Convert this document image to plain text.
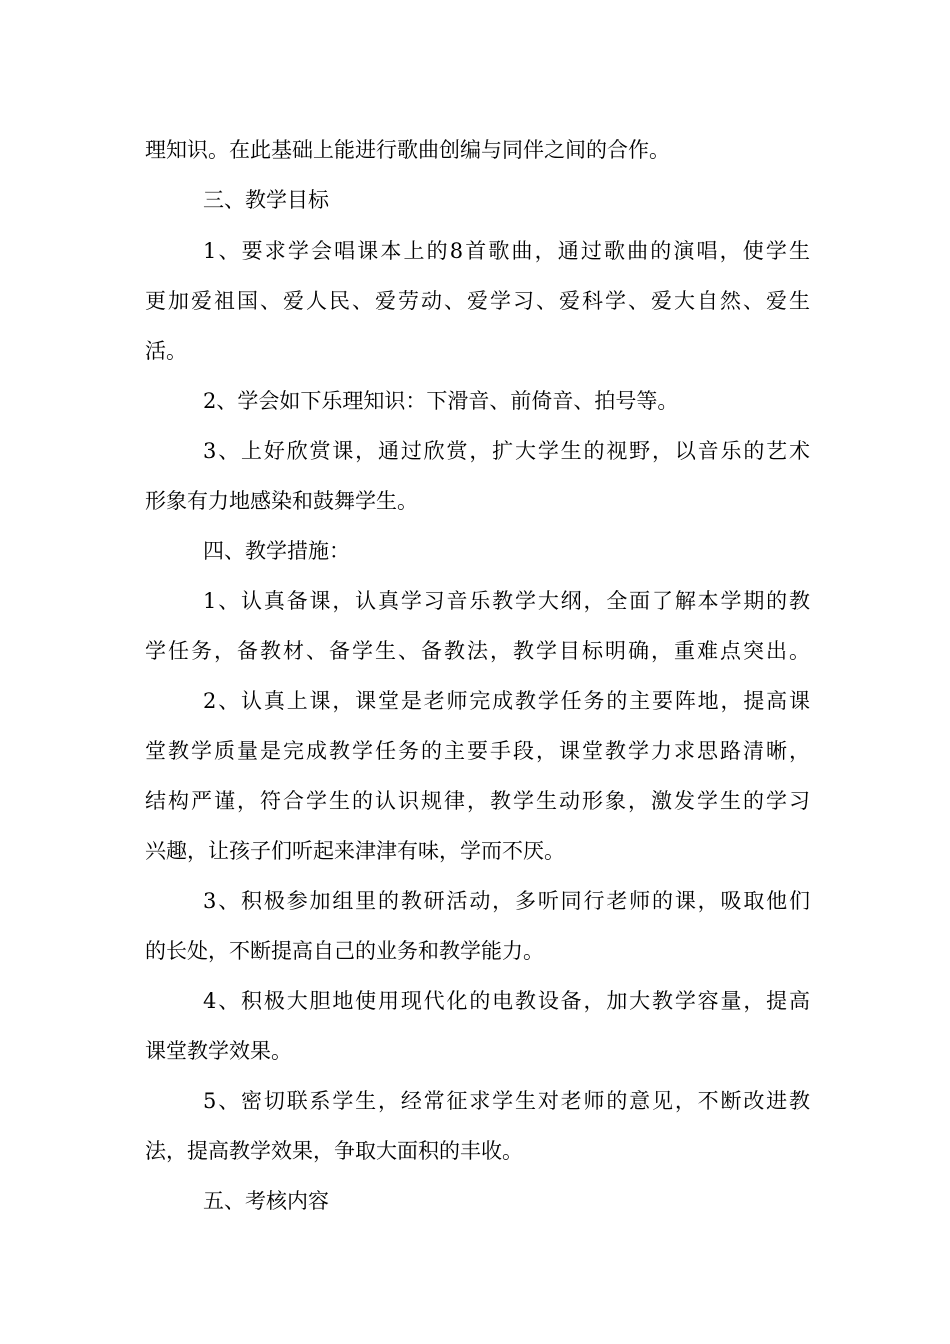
理知识。在此基础上能进行歌曲创编与同伴之间的合作。
三、教学目标
1、要求学会唱课本上的8首歌曲，通过歌曲的演唱，使学生
更加爱祖国、爱人民、爱劳动、爱学习、爱科学、爱大自然、爱生
活。
2、学会如下乐理知识：下滑音、前倚音、拍号等。
3、上好欣赏课，通过欣赏，扩大学生的视野，以音乐的艺术
形象有力地感染和鼓舞学生。
四、教学措施：
1、认真备课，认真学习音乐教学大纲，全面了解本学期的教
学任务，备教材、备学生、备教法，教学目标明确，重难点突出。
2、认真上课，课堂是老师完成教学任务的主要阵地，提高课
堂教学质量是完成教学任务的主要手段，课堂教学力求思路清晰，
结构严谨，符合学生的认识规律，教学生动形象，激发学生的学习
兴趣，让孩子们听起来津津有味，学而不厌。
3、积极参加组里的教研活动，多听同行老师的课，吸取他们
的长处，不断提高自己的业务和教学能力。
4、积极大胆地使用现代化的电教设备，加大教学容量，提高
课堂教学效果。
5、密切联系学生，经常征求学生对老师的意见，不断改进教
法，提高教学效果，争取大面积的丰收。
五、考核内容
